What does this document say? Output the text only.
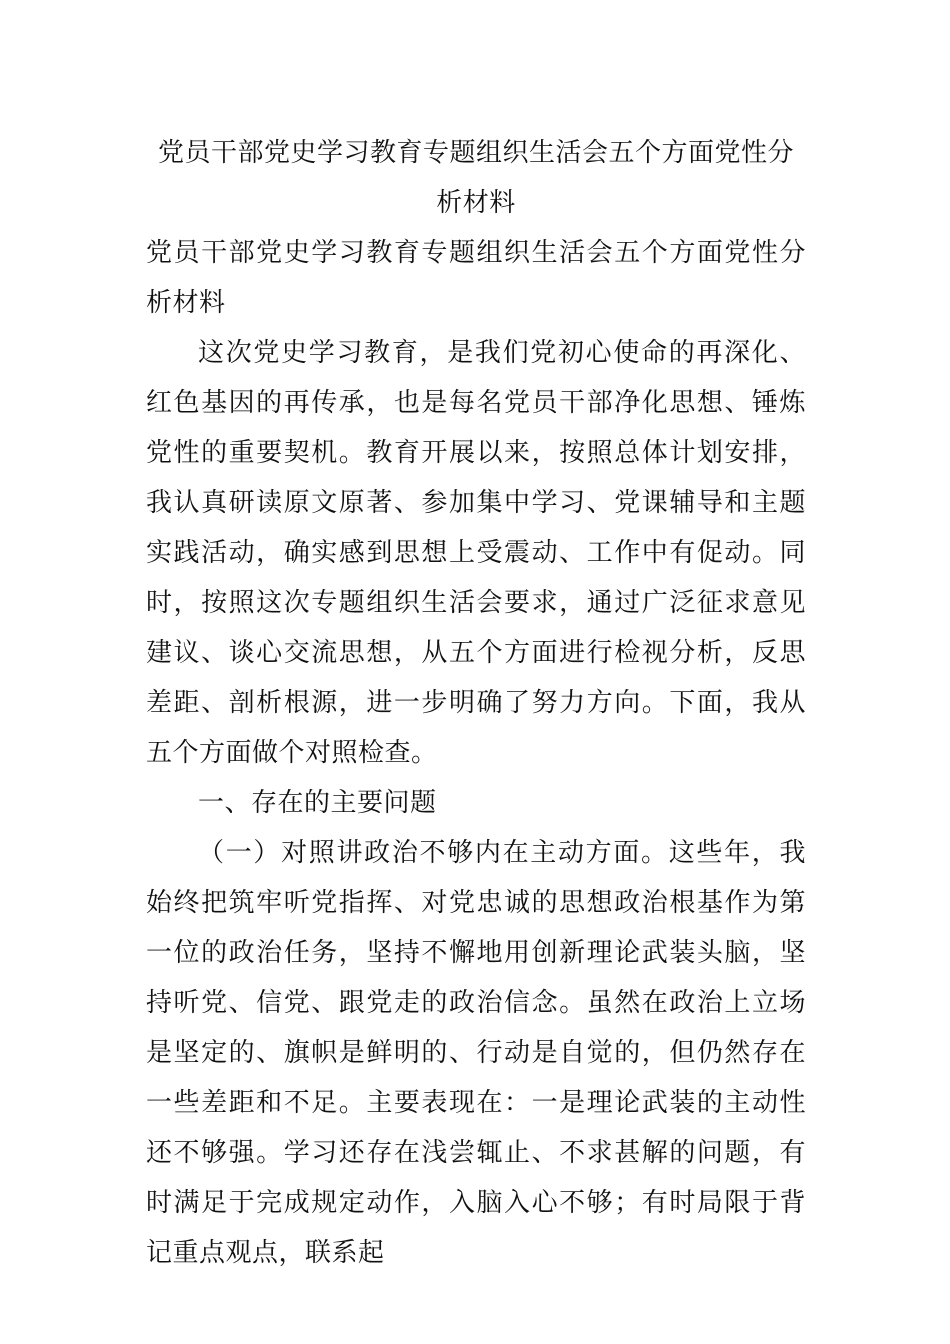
党员干部党史学习教育专题组织生活会五个方面党性分析材料

党员干部党史学习教育专题组织生活会五个方面党性分析材料

这次党史学习教育，是我们党初心使命的再深化、红色基因的再传承，也是每名党员干部净化思想、锤炼党性的重要契机。教育开展以来，按照总体计划安排，我认真研读原文原著、参加集中学习、党课辅导和主题实践活动，确实感到思想上受震动、工作中有促动。同时，按照这次专题组织生活会要求，通过广泛征求意见建议、谈心交流思想，从五个方面进行检视分析，反思差距、剖析根源，进一步明确了努力方向。下面，我从五个方面做个对照检查。

一、存在的主要问题

（一）对照讲政治不够内在主动方面。这些年，我始终把筑牢听党指挥、对党忠诚的思想政治根基作为第一位的政治任务，坚持不懈地用创新理论武装头脑，坚持听党、信党、跟党走的政治信念。虽然在政治上立场是坚定的、旗帜是鲜明的、行动是自觉的，但仍然存在一些差距和不足。主要表现在：一是理论武装的主动性还不够强。学习还存在浅尝辄止、不求甚解的问题，有时满足于完成规定动作，入脑入心不够；有时局限于背记重点观点，联系起
